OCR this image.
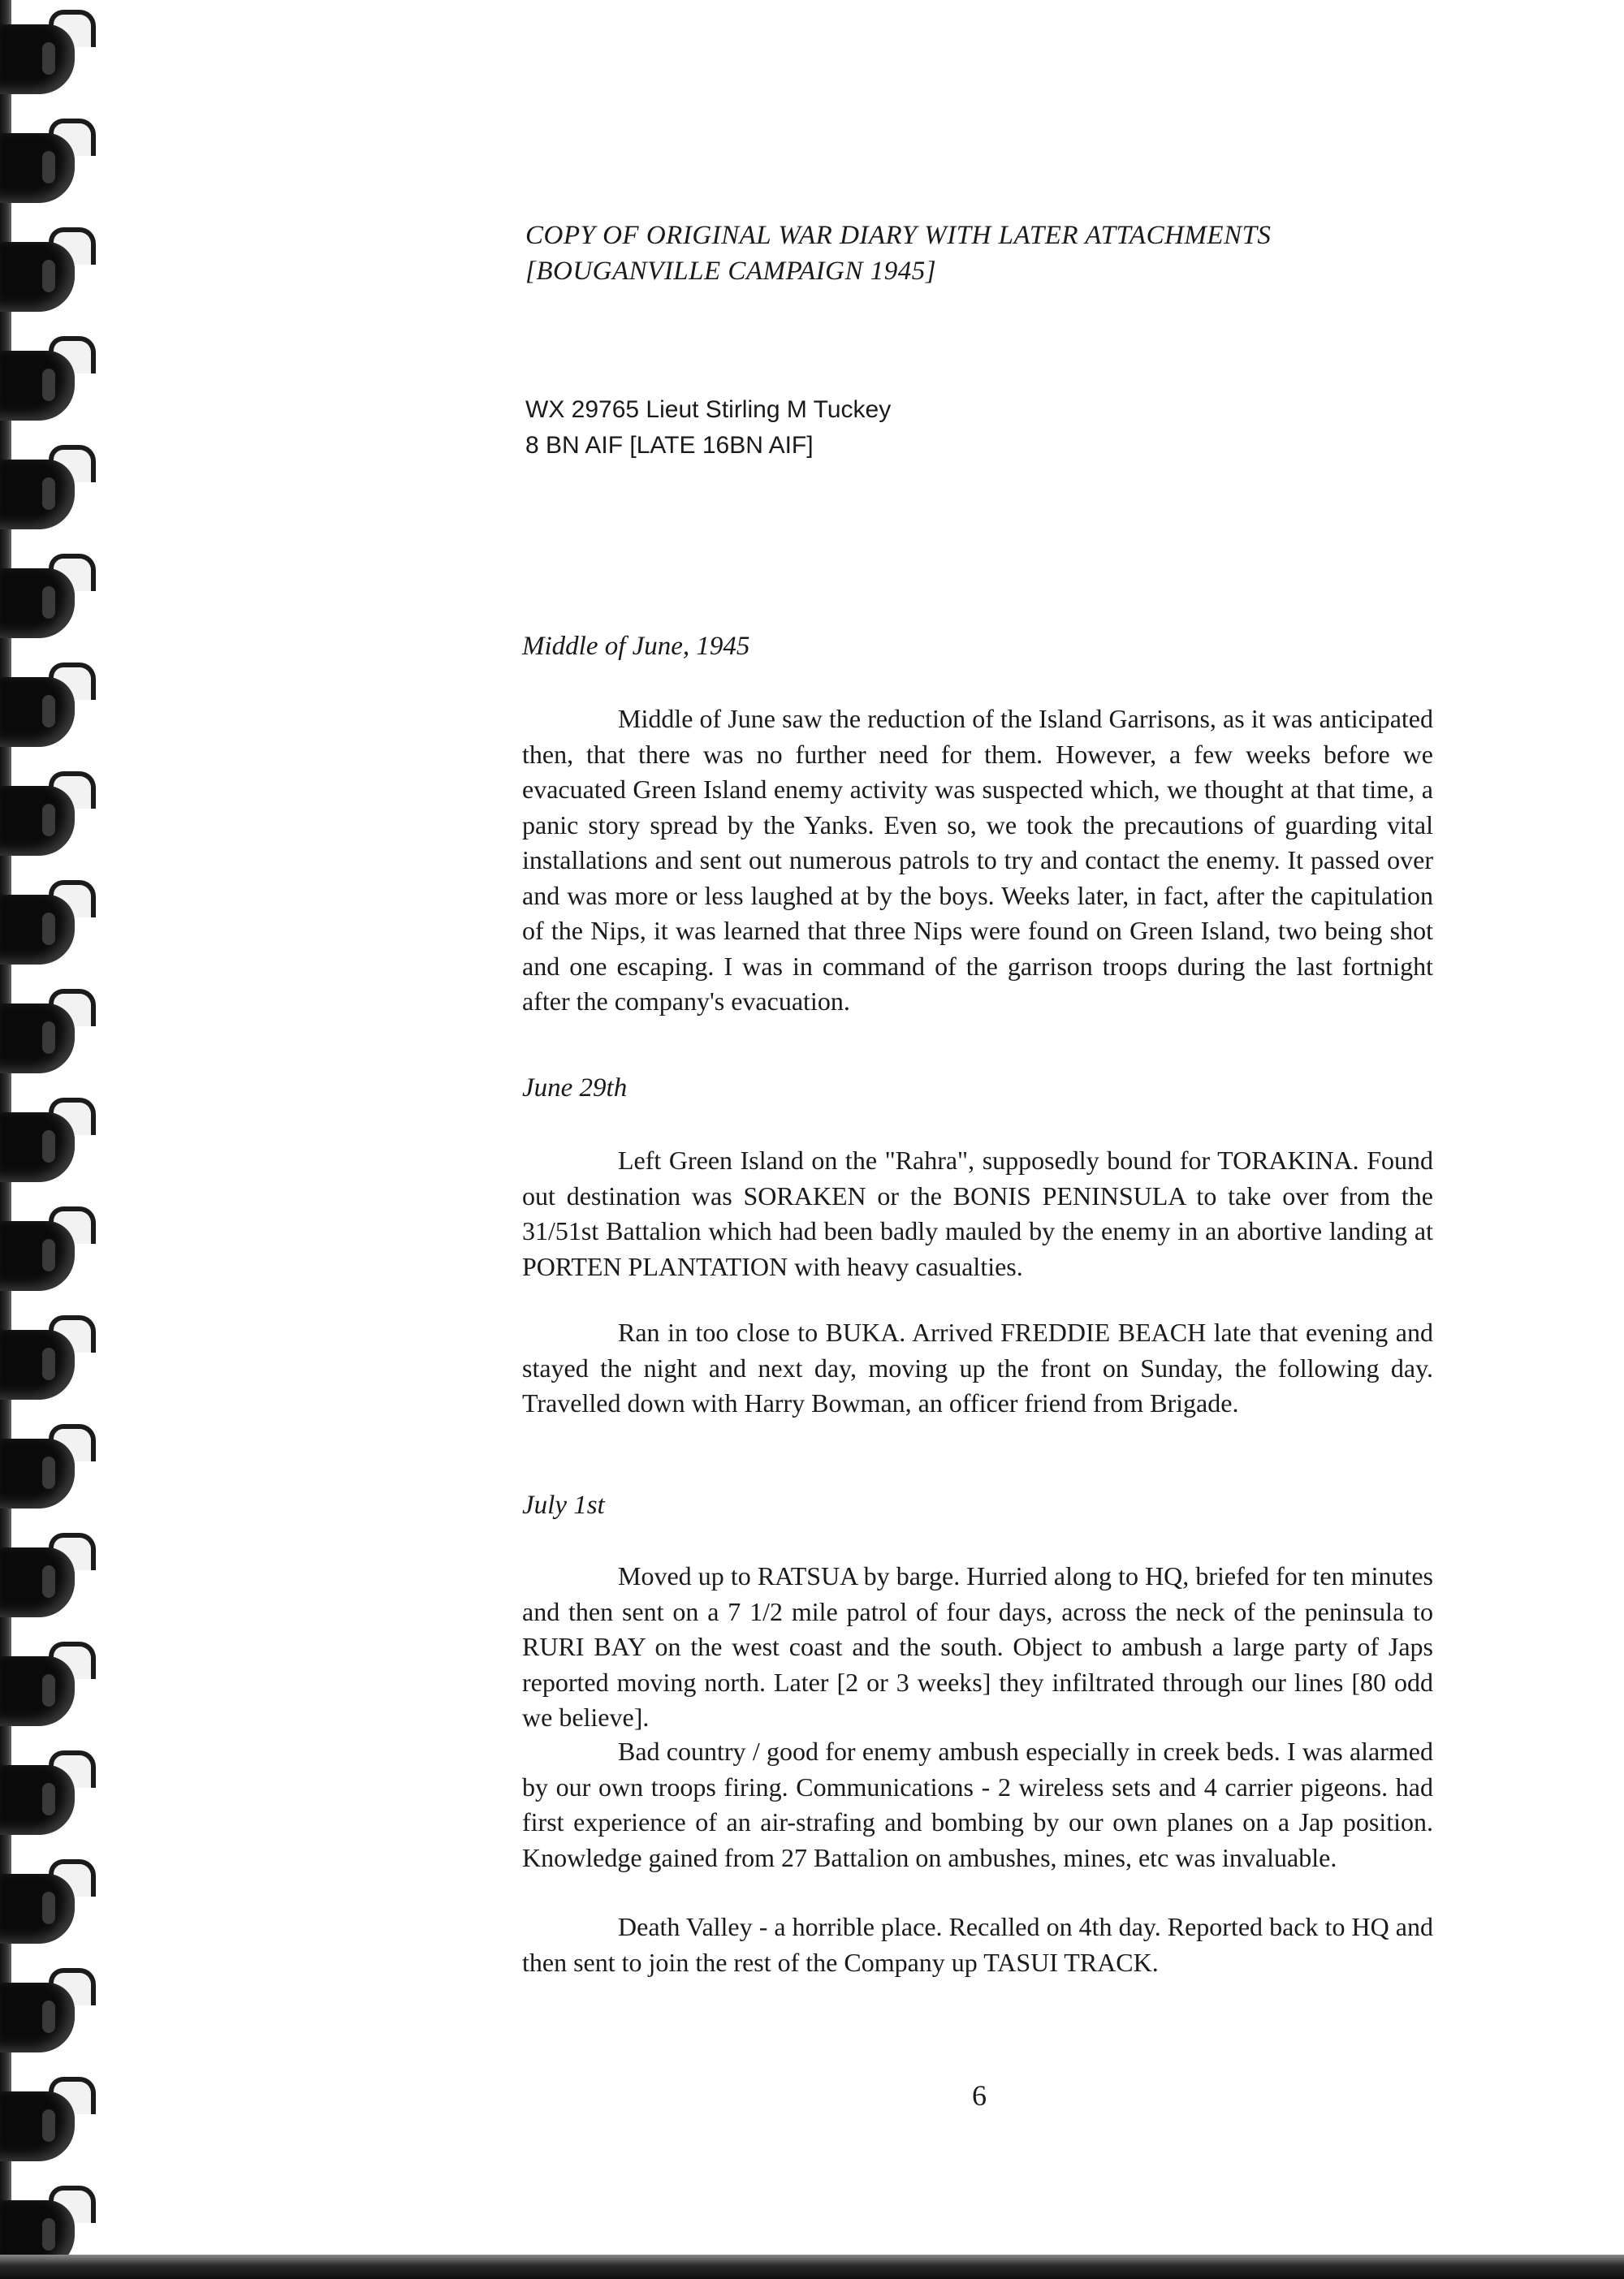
COPY OF ORIGINAL WAR DIARY WITH LATER ATTACHMENTS
[BOUGANVILLE CAMPAIGN 1945]
WX 29765 Lieut Stirling M Tuckey
8 BN AIF [LATE 16BN AIF]
Middle of June, 1945

Middle of June saw the reduction of the Island Garrisons, as it was anticipated then, that there was no further need for them. However, a few weeks before we evacuated Green Island enemy activity was suspected which, we thought at that time, a panic story spread by the Yanks. Even so, we took the precautions of guarding vital installations and sent out numerous patrols to try and contact the enemy. It passed over and was more or less laughed at by the boys. Weeks later, in fact, after the capitulation of the Nips, it was learned that three Nips were found on Green Island, two being shot and one escaping. I was in command of the garrison troops during the last fortnight after the company's evacuation.

June 29th

Left Green Island on the "Rahra", supposedly bound for TORAKINA. Found out destination was SORAKEN or the BONIS PENINSULA to take over from the 31/51st Battalion which had been badly mauled by the enemy in an abortive landing at PORTEN PLANTATION with heavy casualties.

Ran in too close to BUKA. Arrived FREDDIE BEACH late that evening and stayed the night and next day, moving up the front on Sunday, the following day. Travelled down with Harry Bowman, an officer friend from Brigade.

July 1st

Moved up to RATSUA by barge. Hurried along to HQ, briefed for ten minutes and then sent on a 7 1/2 mile patrol of four days, across the neck of the peninsula to RURI BAY on the west coast and the south. Object to ambush a large party of Japs reported moving north. Later [2 or 3 weeks] they infiltrated through our lines [80 odd we believe].

Bad country / good for enemy ambush especially in creek beds. I was alarmed by our own troops firing. Communications - 2 wireless sets and 4 carrier pigeons. had first experience of an air-strafing and bombing by our own planes on a Jap position. Knowledge gained from 27 Battalion on ambushes, mines, etc was invaluable.

Death Valley - a horrible place. Recalled on 4th day. Reported back to HQ and then sent to join the rest of the Company up TASUI TRACK.

6
